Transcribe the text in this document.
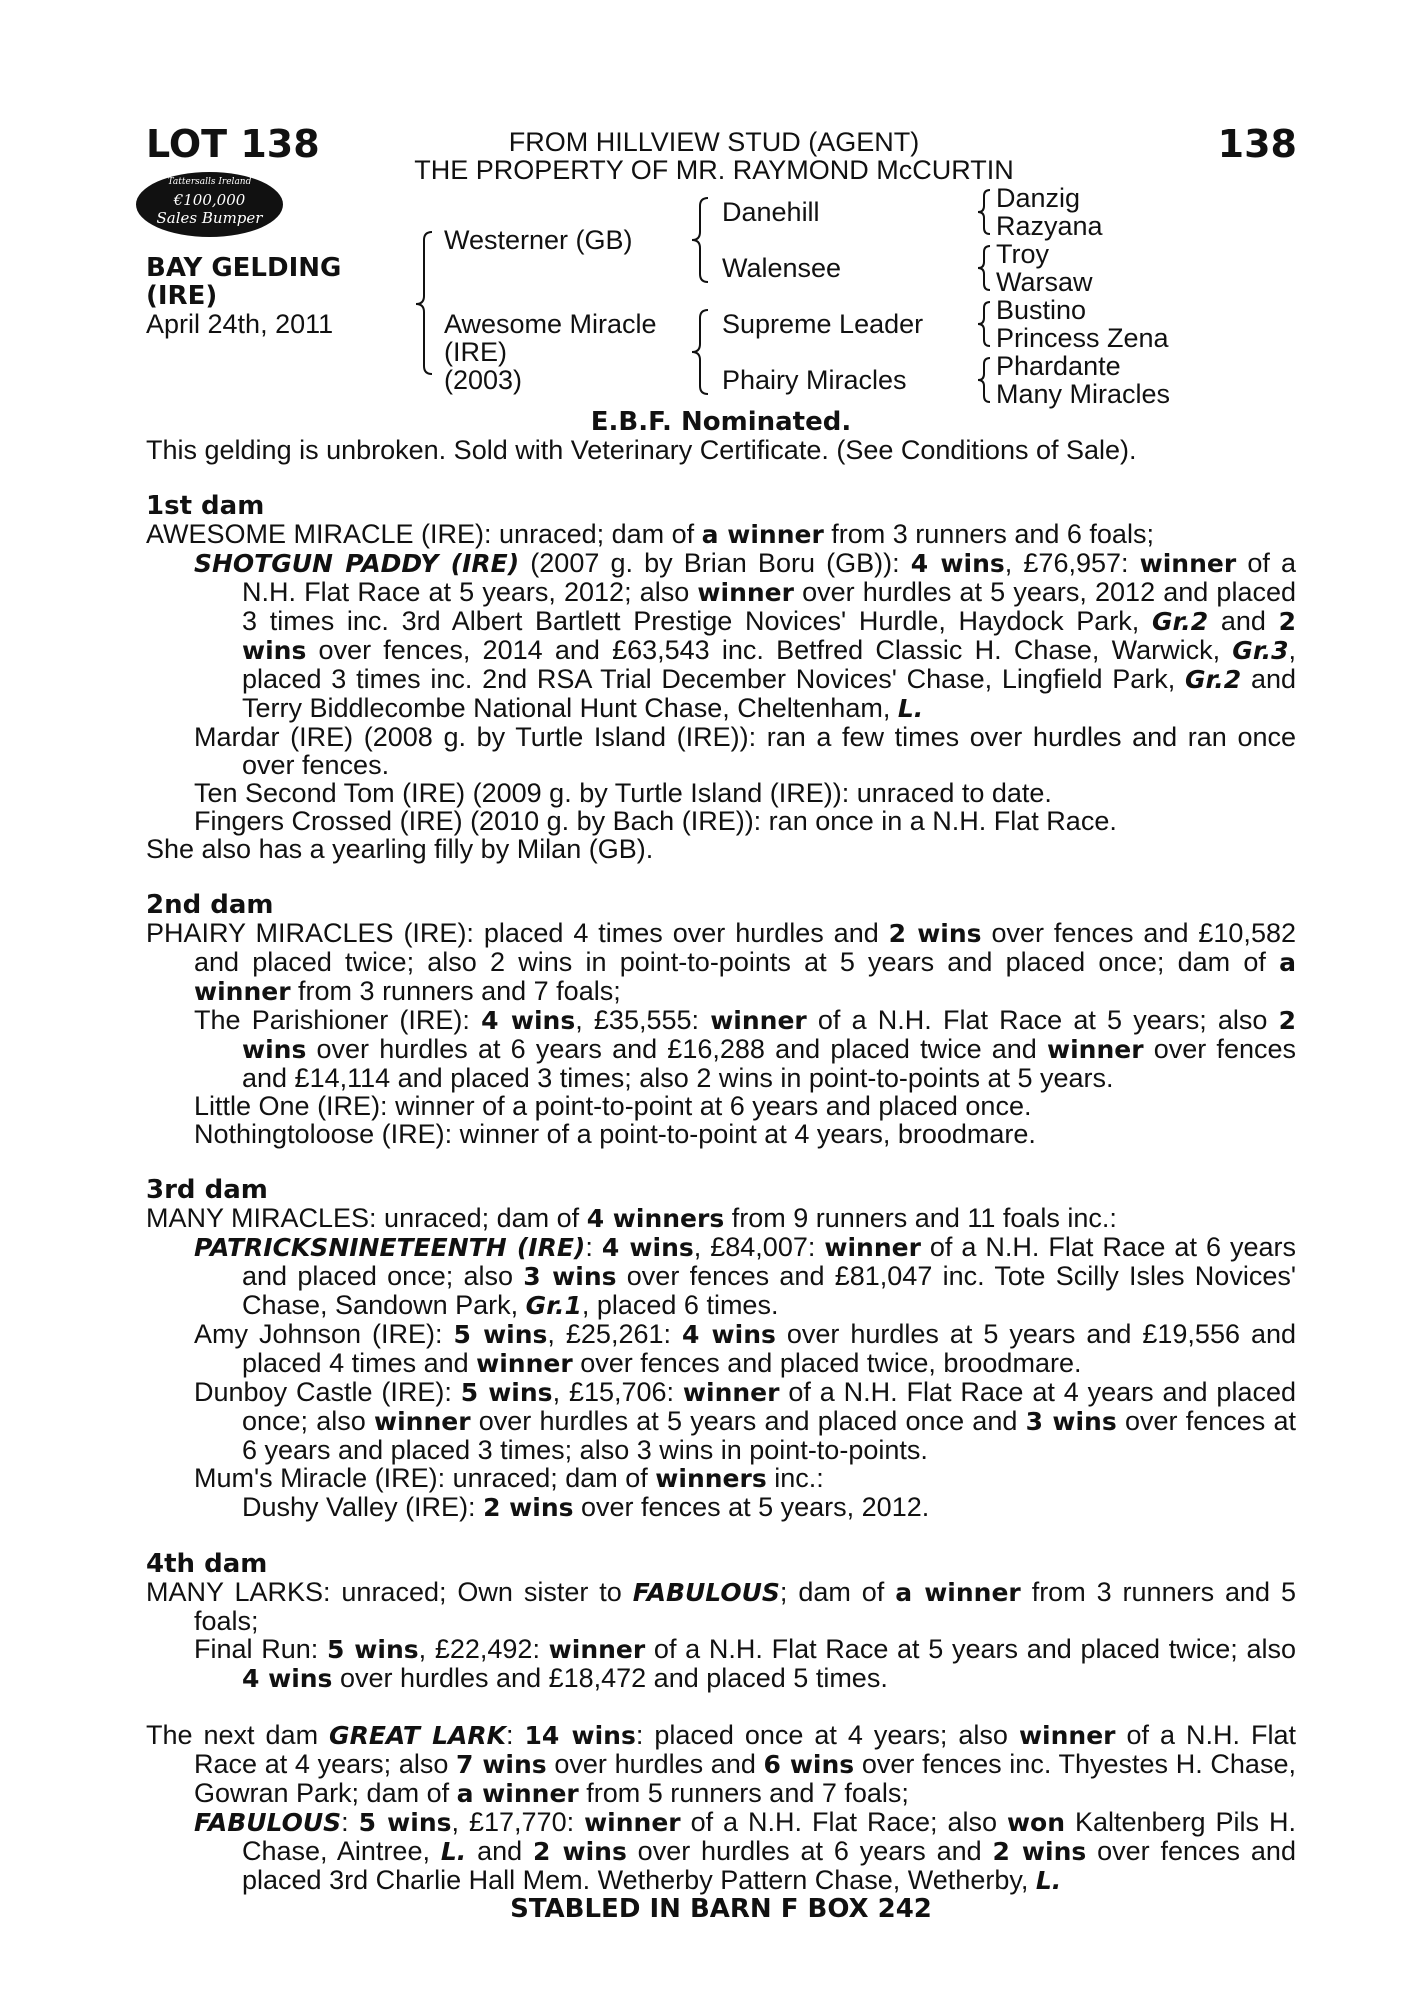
LOT 138	138
FROM HILLVIEW STUD (AGENT)
THE PROPERTY OF MR. RAYMOND McCURTIN
Tattersalls Ireland
€100,000
Sales Bumper
BAY GELDING
(IRE)
April 24th, 2011
Westerner (GB)
Awesome Miracle
(IRE)
(2003)
Danehill
Walensee
Supreme Leader
Phairy Miracles
Danzig
Razyana
Troy
Warsaw
Bustino
Princess Zena
Phardante
Many Miracles

E.B.F. Nominated.

This gelding is unbroken. Sold with Veterinary Certificate. (See Conditions of Sale).

1st dam

AWESOME MIRACLE (IRE): unraced; dam of a winner from 3 runners and 6 foals;

SHOTGUN PADDY (IRE) (2007 g. by Brian Boru (GB)): 4 wins, £76,957: winner of a N.H. Flat Race at 5 years, 2012; also winner over hurdles at 5 years, 2012 and placed 3 times inc. 3rd Albert Bartlett Prestige Novices' Hurdle, Haydock Park, Gr.2 and 2 wins over fences, 2014 and £63,543 inc. Betfred Classic H. Chase, Warwick, Gr.3, placed 3 times inc. 2nd RSA Trial December Novices' Chase, Lingfield Park, Gr.2 and Terry Biddlecombe National Hunt Chase, Cheltenham, L.

Mardar (IRE) (2008 g. by Turtle Island (IRE)): ran a few times over hurdles and ran once over fences.

Ten Second Tom (IRE) (2009 g. by Turtle Island (IRE)): unraced to date.

Fingers Crossed (IRE) (2010 g. by Bach (IRE)): ran once in a N.H. Flat Race.

She also has a yearling filly by Milan (GB).

2nd dam

PHAIRY MIRACLES (IRE): placed 4 times over hurdles and 2 wins over fences and £10,582 and placed twice; also 2 wins in point-to-points at 5 years and placed once; dam of a winner from 3 runners and 7 foals;

The Parishioner (IRE): 4 wins, £35,555: winner of a N.H. Flat Race at 5 years; also 2 wins over hurdles at 6 years and £16,288 and placed twice and winner over fences and £14,114 and placed 3 times; also 2 wins in point-to-points at 5 years.

Little One (IRE): winner of a point-to-point at 6 years and placed once.

Nothingtoloose (IRE): winner of a point-to-point at 4 years, broodmare.

3rd dam

MANY MIRACLES: unraced; dam of 4 winners from 9 runners and 11 foals inc.:

PATRICKSNINETEENTH (IRE): 4 wins, £84,007: winner of a N.H. Flat Race at 6 years and placed once; also 3 wins over fences and £81,047 inc. Tote Scilly Isles Novices' Chase, Sandown Park, Gr.1, placed 6 times.

Amy Johnson (IRE): 5 wins, £25,261: 4 wins over hurdles at 5 years and £19,556 and placed 4 times and winner over fences and placed twice, broodmare.

Dunboy Castle (IRE): 5 wins, £15,706: winner of a N.H. Flat Race at 4 years and placed once; also winner over hurdles at 5 years and placed once and 3 wins over fences at 6 years and placed 3 times; also 3 wins in point-to-points.

Mum's Miracle (IRE): unraced; dam of winners inc.:

Dushy Valley (IRE): 2 wins over fences at 5 years, 2012.

4th dam

MANY LARKS: unraced; Own sister to FABULOUS; dam of a winner from 3 runners and 5 foals;

Final Run: 5 wins, £22,492: winner of a N.H. Flat Race at 5 years and placed twice; also 4 wins over hurdles and £18,472 and placed 5 times.

The next dam GREAT LARK: 14 wins: placed once at 4 years; also winner of a N.H. Flat Race at 4 years; also 7 wins over hurdles and 6 wins over fences inc. Thyestes H. Chase, Gowran Park; dam of a winner from 5 runners and 7 foals;

FABULOUS: 5 wins, £17,770: winner of a N.H. Flat Race; also won Kaltenberg Pils H. Chase, Aintree, L. and 2 wins over hurdles at 6 years and 2 wins over fences and placed 3rd Charlie Hall Mem. Wetherby Pattern Chase, Wetherby, L.

STABLED IN BARN F BOX 242
